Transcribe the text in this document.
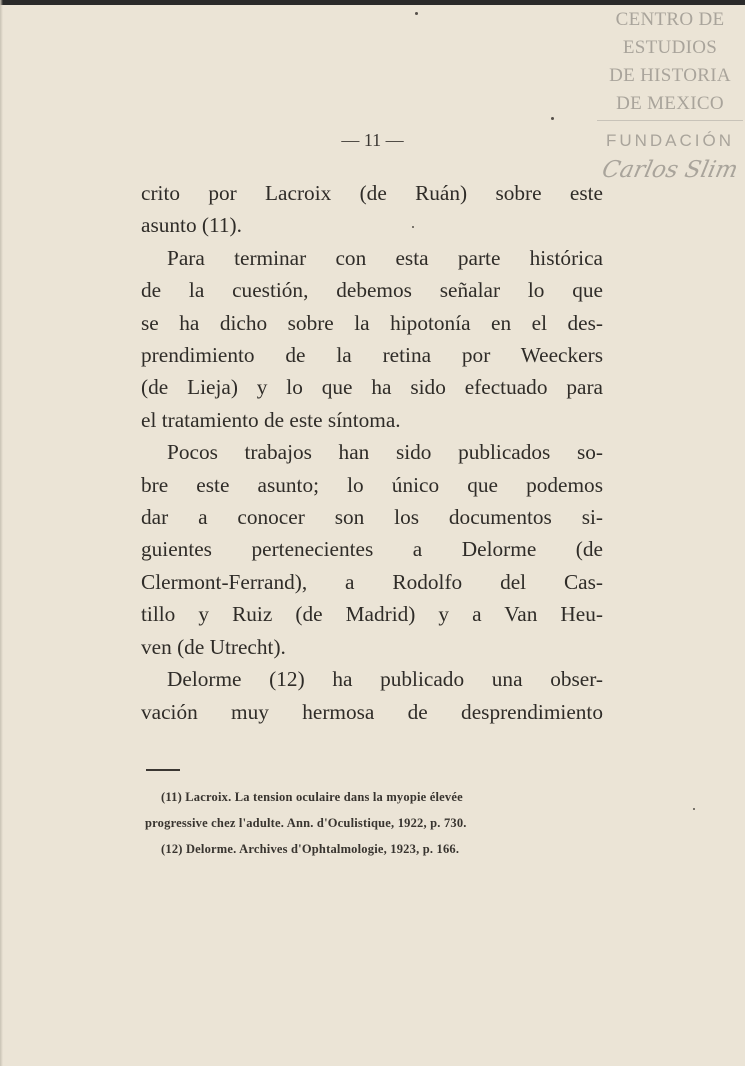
CENTRO DE
ESTUDIOS
DE HISTORIA
DE MEXICO
FUNDACIÓN
Carlos Slim
— 11 —
crito por Lacroix (de Ruán) sobre este
asunto (11).
Para terminar con esta parte histórica
de la cuestión, debemos señalar lo que
se ha dicho sobre la hipotonía en el des-
prendimiento de la retina por Weeckers
(de Lieja) y lo que ha sido efectuado para
el tratamiento de este síntoma.
Pocos trabajos han sido publicados so-
bre este asunto; lo único que podemos
dar a conocer son los documentos si-
guientes pertenecientes a Delorme (de
Clermont-Ferrand), a Rodolfo del Cas-
tillo y Ruiz (de Madrid) y a Van Heu-
ven (de Utrecht).
Delorme (12) ha publicado una obser-
vación muy hermosa de desprendimiento
(11) Lacroix. La tension oculaire dans la myopie élevée
progressive chez l'adulte. Ann. d'Oculistique, 1922, p. 730.
(12) Delorme. Archives d'Ophtalmologie, 1923, p. 166.
